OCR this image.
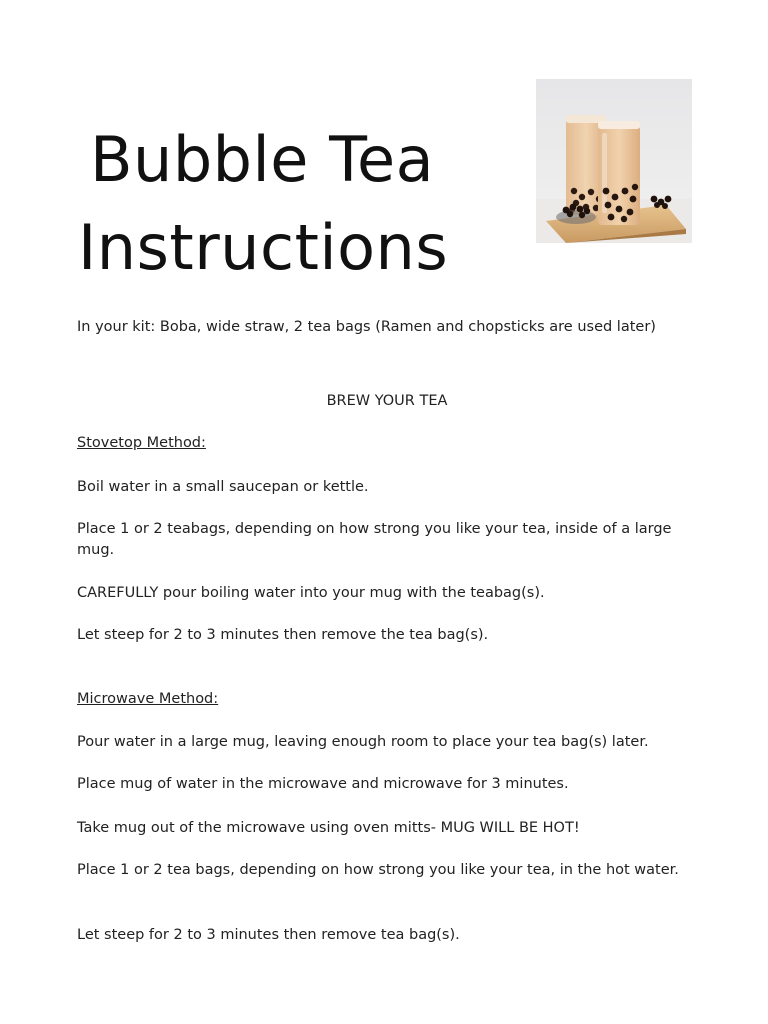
Bubble Tea
Instructions

In your kit: Boba, wide straw, 2 tea bags (Ramen and chopsticks are used later)

BREW YOUR TEA

Stovetop Method:

Boil water in a small saucepan or kettle.

Place 1 or 2 teabags, depending on how strong you like your tea, inside of a large mug.

CAREFULLY pour boiling water into your mug with the teabag(s).

Let steep for 2 to 3 minutes then remove the tea bag(s).

Microwave Method:

Pour water in a large mug, leaving enough room to place your tea bag(s) later.

Place mug of water in the microwave and microwave for 3 minutes.

Take mug out of the microwave using oven mitts- MUG WILL BE HOT!

Place 1 or 2 tea bags, depending on how strong you like your tea, in the hot water.

Let steep for 2 to 3 minutes then remove tea bag(s).
